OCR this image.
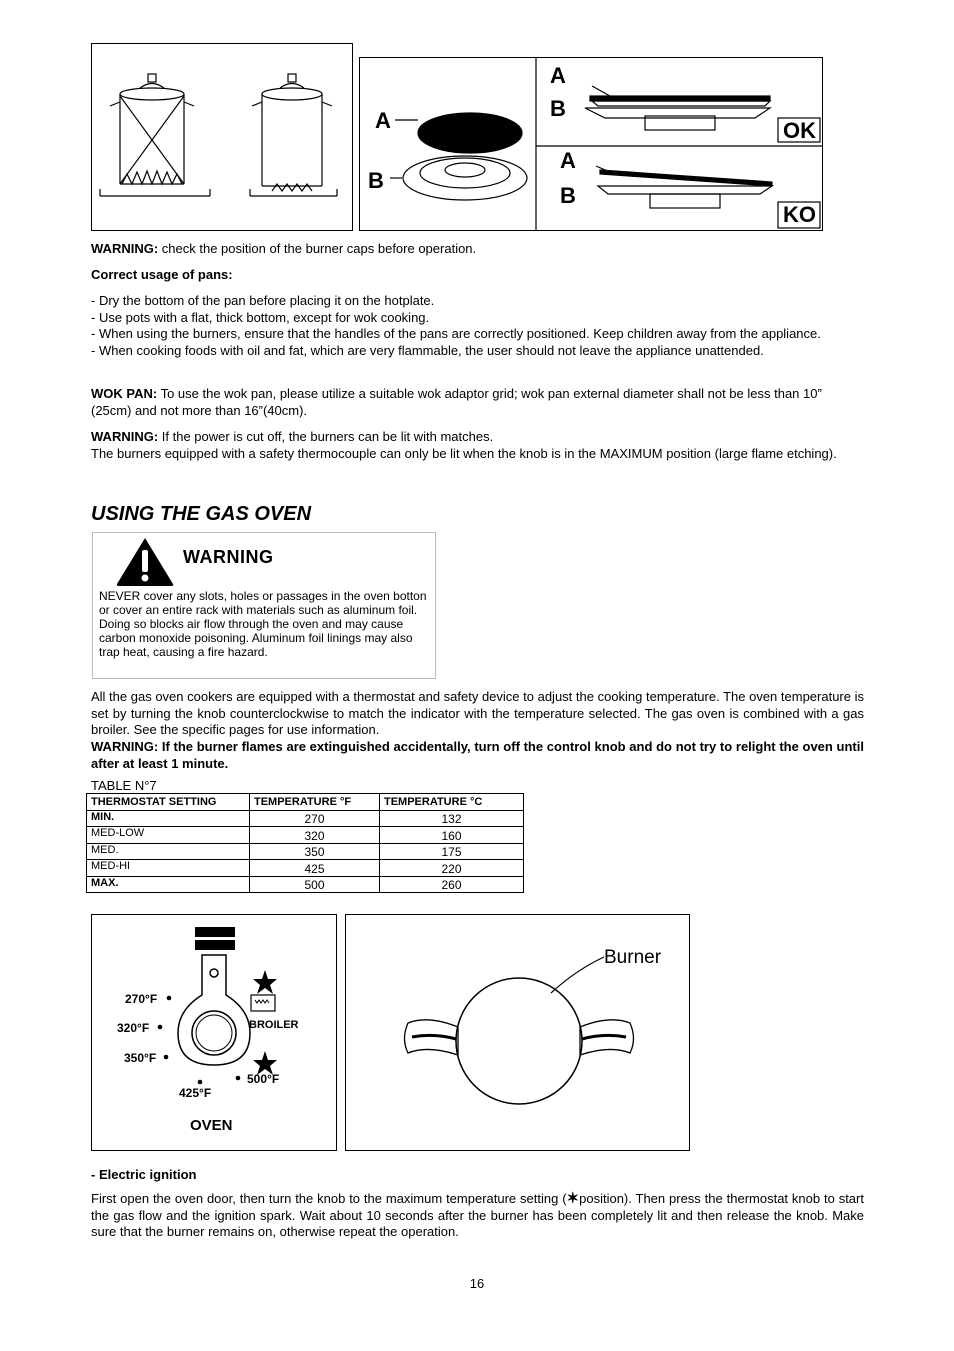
A
B
A
B
A
B
OK
KO
WARNING: check the position of the burner caps before operation.
Correct usage of pans:
- Dry the bottom of the pan before placing it on the hotplate.
- Use pots with a flat, thick bottom, except for wok cooking.
- When using the burners, ensure that the handles of the pans are correctly positioned. Keep children away from the appliance.
- When cooking foods with oil and fat, which are very flammable, the user should not leave the appliance unattended.
WOK PAN: To use the wok pan, please utilize a suitable wok adaptor grid; wok pan external diameter shall not be less than 10” (25cm) and not more than 16”(40cm).
WARNING: If the power is cut off, the burners can be lit with matches.
The burners equipped with a safety thermocouple can only be lit when the knob is in the MAXIMUM position (large flame etching).
USING THE GAS OVEN
WARNING
NEVER cover any slots, holes or passages in the oven botton or cover an entire rack with materials such as aluminum foil. Doing so blocks air flow through the oven and may cause carbon monoxide poisoning. Aluminum foil linings may also trap heat, causing a fire hazard.
All the gas oven cookers are equipped with a thermostat and safety device to adjust the cooking temperature. The oven temperature is set by turning the knob counterclockwise to match the indicator with the temperature selected. The gas oven is combined with a gas broiler. See the specific pages for use information.
WARNING: If the burner flames are extinguished accidentally, turn off the control knob and do not try to relight the oven until after at least 1 minute.
TABLE N°7
THERMOSTAT SETTING	TEMPERATURE °F	TEMPERATURE °C
MIN.	270	132
MED-LOW	320	160
MED.	350	175
MED-HI	425	220
MAX.	500	260
270°F
320°F
350°F
425°F
500°F
BROILER
OVEN
Burner
- Electric ignition
First open the oven door, then turn the knob to the maximum temperature setting (✶position). Then press the thermostat knob to start the gas flow and the ignition spark. Wait about 10 seconds after the burner has been completely lit and then release the knob. Make sure that the burner remains on, otherwise repeat the operation.
16
